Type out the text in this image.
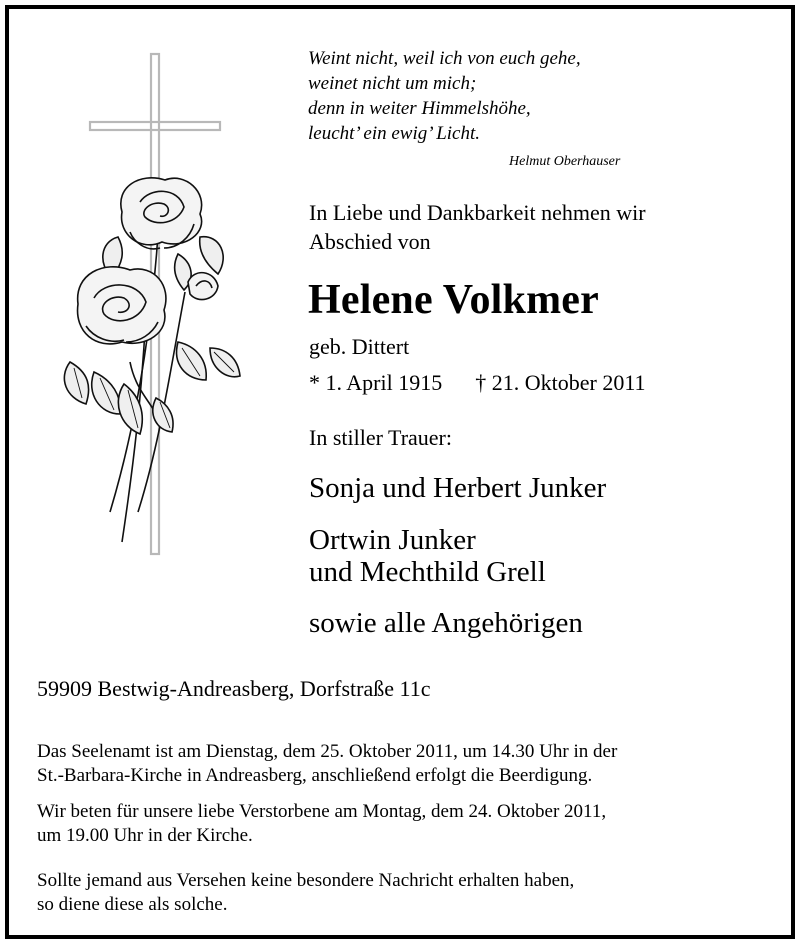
Weint nicht, weil ich von euch gehe,
weinet nicht um mich;
denn in weiter Himmelshöhe,
leucht’ ein ewig’ Licht.
Helmut Oberhauser
In Liebe und Dankbarkeit nehmen wir
Abschied von
Helene Volkmer
geb. Dittert
* 1. April 1915 † 21. Oktober 2011
In stiller Trauer:
Sonja und Herbert Junker
Ortwin Junker
und Mechthild Grell
sowie alle Angehörigen
59909 Bestwig-Andreasberg, Dorfstraße 11c
Das Seelenamt ist am Dienstag, dem 25. Oktober 2011, um 14.30 Uhr in der
St.-Barbara-Kirche in Andreasberg, anschließend erfolgt die Beerdigung.
Wir beten für unsere liebe Verstorbene am Montag, dem 24. Oktober 2011,
um 19.00 Uhr in der Kirche.
Sollte jemand aus Versehen keine besondere Nachricht erhalten haben,
so diene diese als solche.
